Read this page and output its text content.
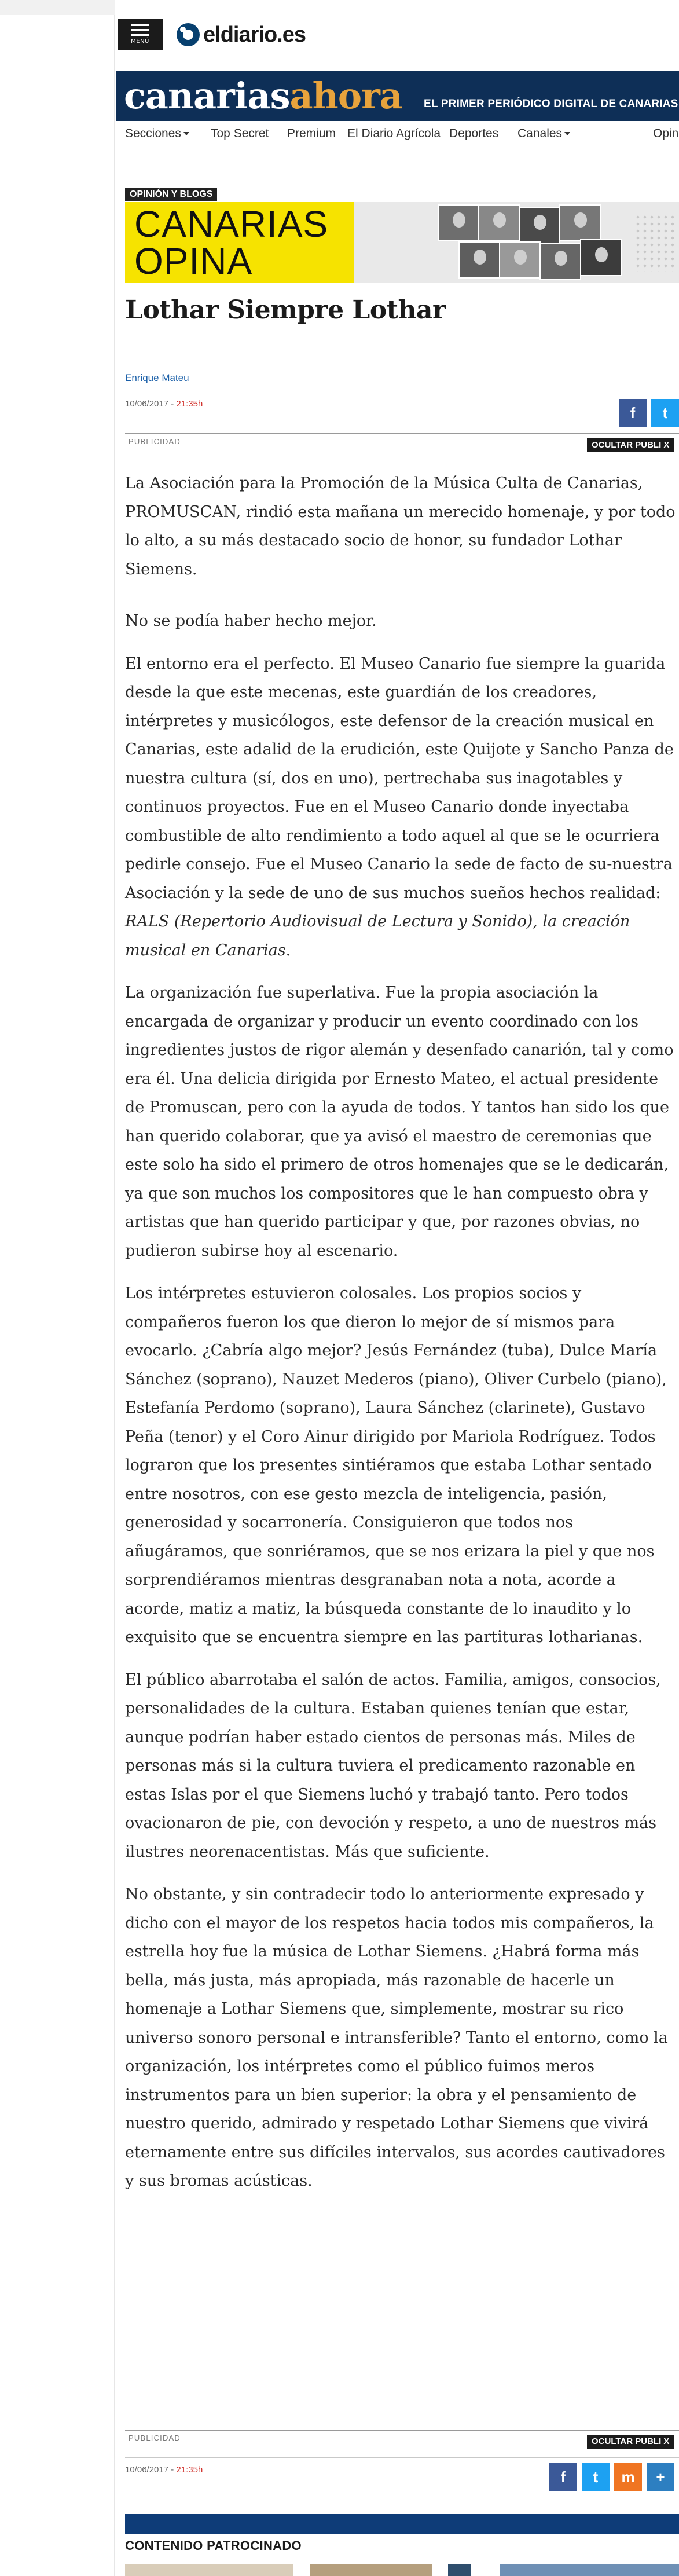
MENÚ eldiario.es
canariasahora EL PRIMER PERIÓDICO DIGITAL DE CANARIAS
Secciones	Top Secret Premium El Diario Agrícola Deportes Canales	Opin
OPINIÓN Y BLOGS
CANARIAS
OPINA
Lothar Siempre Lothar
Enrique Mateu
10/06/2017 - 21:35h	f	t
PUBLICIDAD	OCULTAR PUBLI X

La Asociación para la Promoción de la Música Culta de Canarias, PROMUSCAN, rindió esta mañana un merecido homenaje, y por todo lo alto, a su más destacado socio de honor, su fundador Lothar Siemens.

No se podía haber hecho mejor.

El entorno era el perfecto. El Museo Canario fue siempre la guarida desde la que este mecenas, este guardián de los creadores, intérpretes y musicólogos, este defensor de la creación musical en Canarias, este adalid de la erudición, este Quijote y Sancho Panza de nuestra cultura (sí, dos en uno), pertrechaba sus inagotables y continuos proyectos. Fue en el Museo Canario donde inyectaba combustible de alto rendimiento a todo aquel al que se le ocurriera pedirle consejo. Fue el Museo Canario la sede de facto de su-nuestra Asociación y la sede de uno de sus muchos sueños hechos realidad: RALS (Repertorio Audiovisual de Lectura y Sonido), la creación musical en Canarias.

La organización fue superlativa. Fue la propia asociación la encargada de organizar y producir un evento coordinado con los ingredientes justos de rigor alemán y desenfado canarión, tal y como era él. Una delicia dirigida por Ernesto Mateo, el actual presidente de Promuscan, pero con la ayuda de todos. Y tantos han sido los que han querido colaborar, que ya avisó el maestro de ceremonias que este solo ha sido el primero de otros homenajes que se le dedicarán, ya que son muchos los compositores que le han compuesto obra y artistas que han querido participar y que, por razones obvias, no pudieron subirse hoy al escenario.

Los intérpretes estuvieron colosales. Los propios socios y compañeros fueron los que dieron lo mejor de sí mismos para evocarlo. ¿Cabría algo mejor? Jesús Fernández (tuba), Dulce María Sánchez (soprano), Nauzet Mederos (piano), Oliver Curbelo (piano), Estefanía Perdomo (soprano), Laura Sánchez (clarinete), Gustavo Peña (tenor) y el Coro Ainur dirigido por Mariola Rodríguez. Todos lograron que los presentes sintiéramos que estaba Lothar sentado entre nosotros, con ese gesto mezcla de inteligencia, pasión, generosidad y socarronería. Consiguieron que todos nos añugáramos, que sonriéramos, que se nos erizara la piel y que nos sorprendiéramos mientras desgranaban nota a nota, acorde a acorde, matiz a matiz, la búsqueda constante de lo inaudito y lo exquisito que se encuentra siempre en las partituras lotharianas.

El público abarrotaba el salón de actos. Familia, amigos, consocios, personalidades de la cultura. Estaban quienes tenían que estar, aunque podrían haber estado cientos de personas más. Miles de personas más si la cultura tuviera el predicamento razonable en estas Islas por el que Siemens luchó y trabajó tanto. Pero todos ovacionaron de pie, con devoción y respeto, a uno de nuestros más ilustres neorenacentistas. Más que suficiente.

No obstante, y sin contradecir todo lo anteriormente expresado y dicho con el mayor de los respetos hacia todos mis compañeros, la estrella hoy fue la música de Lothar Siemens. ¿Habrá forma más bella, más justa, más apropiada, más razonable de hacerle un homenaje a Lothar Siemens que, simplemente, mostrar su rico universo sonoro personal e intransferible? Tanto el entorno, como la organización, los intérpretes como el público fuimos meros instrumentos para un bien superior: la obra y el pensamiento de nuestro querido, admirado y respetado Lothar Siemens que vivirá eternamente entre sus difíciles intervalos, sus acordes cautivadores y sus bromas acústicas.

PUBLICIDAD	OCULTAR PUBLI X
10/06/2017 - 21:35h	f	t	m	+
CONTENIDO PATROCINADO
